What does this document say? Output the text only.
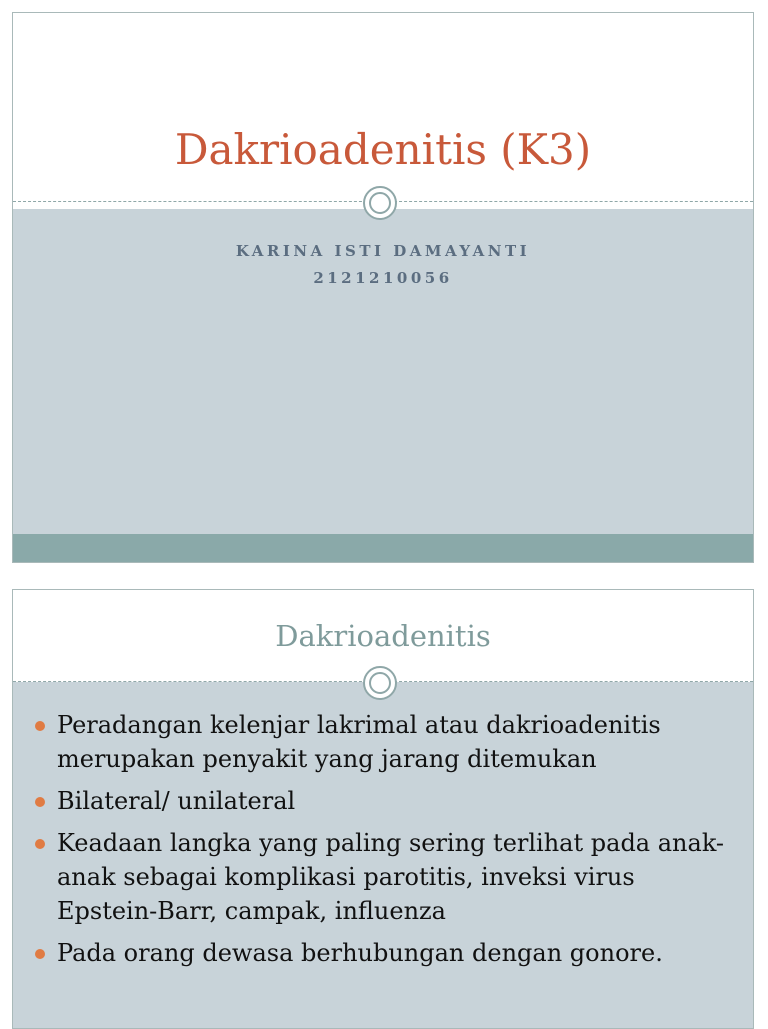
Dakrioadenitis (K3)

KARINA ISTI DAMAYANTI

2121210056

Dakrioadenitis
Peradangan kelenjar lakrimal atau dakrioadenitis merupakan penyakit yang jarang ditemukan
Bilateral/ unilateral
Keadaan langka yang paling sering terlihat pada anak-anak sebagai komplikasi parotitis, inveksi virus Epstein-Barr, campak, influenza
Pada orang dewasa berhubungan dengan gonore.
